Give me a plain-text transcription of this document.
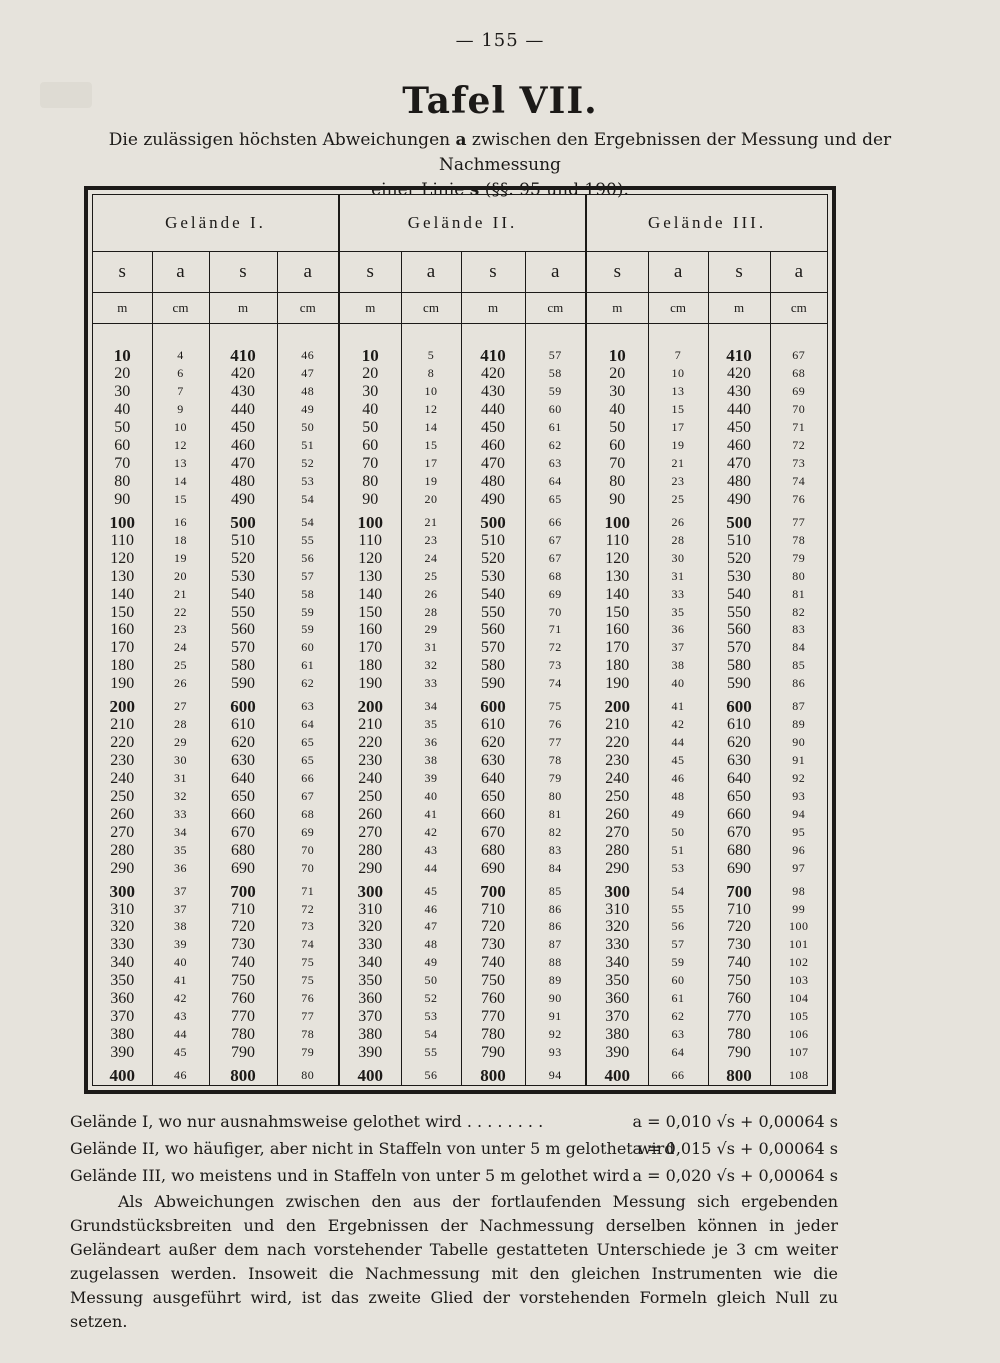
— 155 —
Tafel VII.
Die zulässigen höchsten Abweichungen a zwischen den Ergebnissen der Messung und der Nachmessung
einer Linie s (§§. 95 und 190).
Gelände I.				Gelände II.				Gelände III.			
s	a	s	a	s	a	s	a	s	a	s	a
m	cm	m	cm	m	cm	m	cm	m	cm	m	cm

10	4	410	46	10	5	410	57	10	7	410	67
20	6	420	47	20	8	420	58	20	10	420	68
30	7	430	48	30	10	430	59	30	13	430	69
40	9	440	49	40	12	440	60	40	15	440	70
50	10	450	50	50	14	450	61	50	17	450	71
60	12	460	51	60	15	460	62	60	19	460	72
70	13	470	52	70	17	470	63	70	21	470	73
80	14	480	53	80	19	480	64	80	23	480	74
90	15	490	54	90	20	490	65	90	25	490	76
100	16	500	54	100	21	500	66	100	26	500	77
110	18	510	55	110	23	510	67	110	28	510	78
120	19	520	56	120	24	520	67	120	30	520	79
130	20	530	57	130	25	530	68	130	31	530	80
140	21	540	58	140	26	540	69	140	33	540	81
150	22	550	59	150	28	550	70	150	35	550	82
160	23	560	59	160	29	560	71	160	36	560	83
170	24	570	60	170	31	570	72	170	37	570	84
180	25	580	61	180	32	580	73	180	38	580	85
190	26	590	62	190	33	590	74	190	40	590	86
200	27	600	63	200	34	600	75	200	41	600	87
210	28	610	64	210	35	610	76	210	42	610	89
220	29	620	65	220	36	620	77	220	44	620	90
230	30	630	65	230	38	630	78	230	45	630	91
240	31	640	66	240	39	640	79	240	46	640	92
250	32	650	67	250	40	650	80	250	48	650	93
260	33	660	68	260	41	660	81	260	49	660	94
270	34	670	69	270	42	670	82	270	50	670	95
280	35	680	70	280	43	680	83	280	51	680	96
290	36	690	70	290	44	690	84	290	53	690	97
300	37	700	71	300	45	700	85	300	54	700	98
310	37	710	72	310	46	710	86	310	55	710	99
320	38	720	73	320	47	720	86	320	56	720	100
330	39	730	74	330	48	730	87	330	57	730	101
340	40	740	75	340	49	740	88	340	59	740	102
350	41	750	75	350	50	750	89	350	60	750	103
360	42	760	76	360	52	760	90	360	61	760	104
370	43	770	77	370	53	770	91	370	62	770	105
380	44	780	78	380	54	780	92	380	63	780	106
390	45	790	79	390	55	790	93	390	64	790	107
400	46	800	80	400	56	800	94	400	66	800	108
Gelände I, wo nur ausnahmsweise gelothet wird . . . . . . . .	a = 0,010 √s + 0,00064 s
Gelände II, wo häufiger, aber nicht in Staffeln von unter 5 m gelothet wird
a = 0,015 √s + 0,00064 s
Gelände III, wo meistens und in Staffeln von unter 5 m gelothet wird a = 0,020 √s + 0,00064 s

Als Abweichungen zwischen den aus der fortlaufenden Messung sich ergebenden Grundstücksbreiten und den Ergebnissen der Nachmessung derselben können in jeder Geländeart außer dem nach vorstehender Tabelle gestatteten Unterschiede je 3 cm weiter zugelassen werden. Insoweit die Nachmessung mit den gleichen Instrumenten wie die Messung ausgeführt wird, ist das zweite Glied der vorstehenden Formeln gleich Null zu setzen.
